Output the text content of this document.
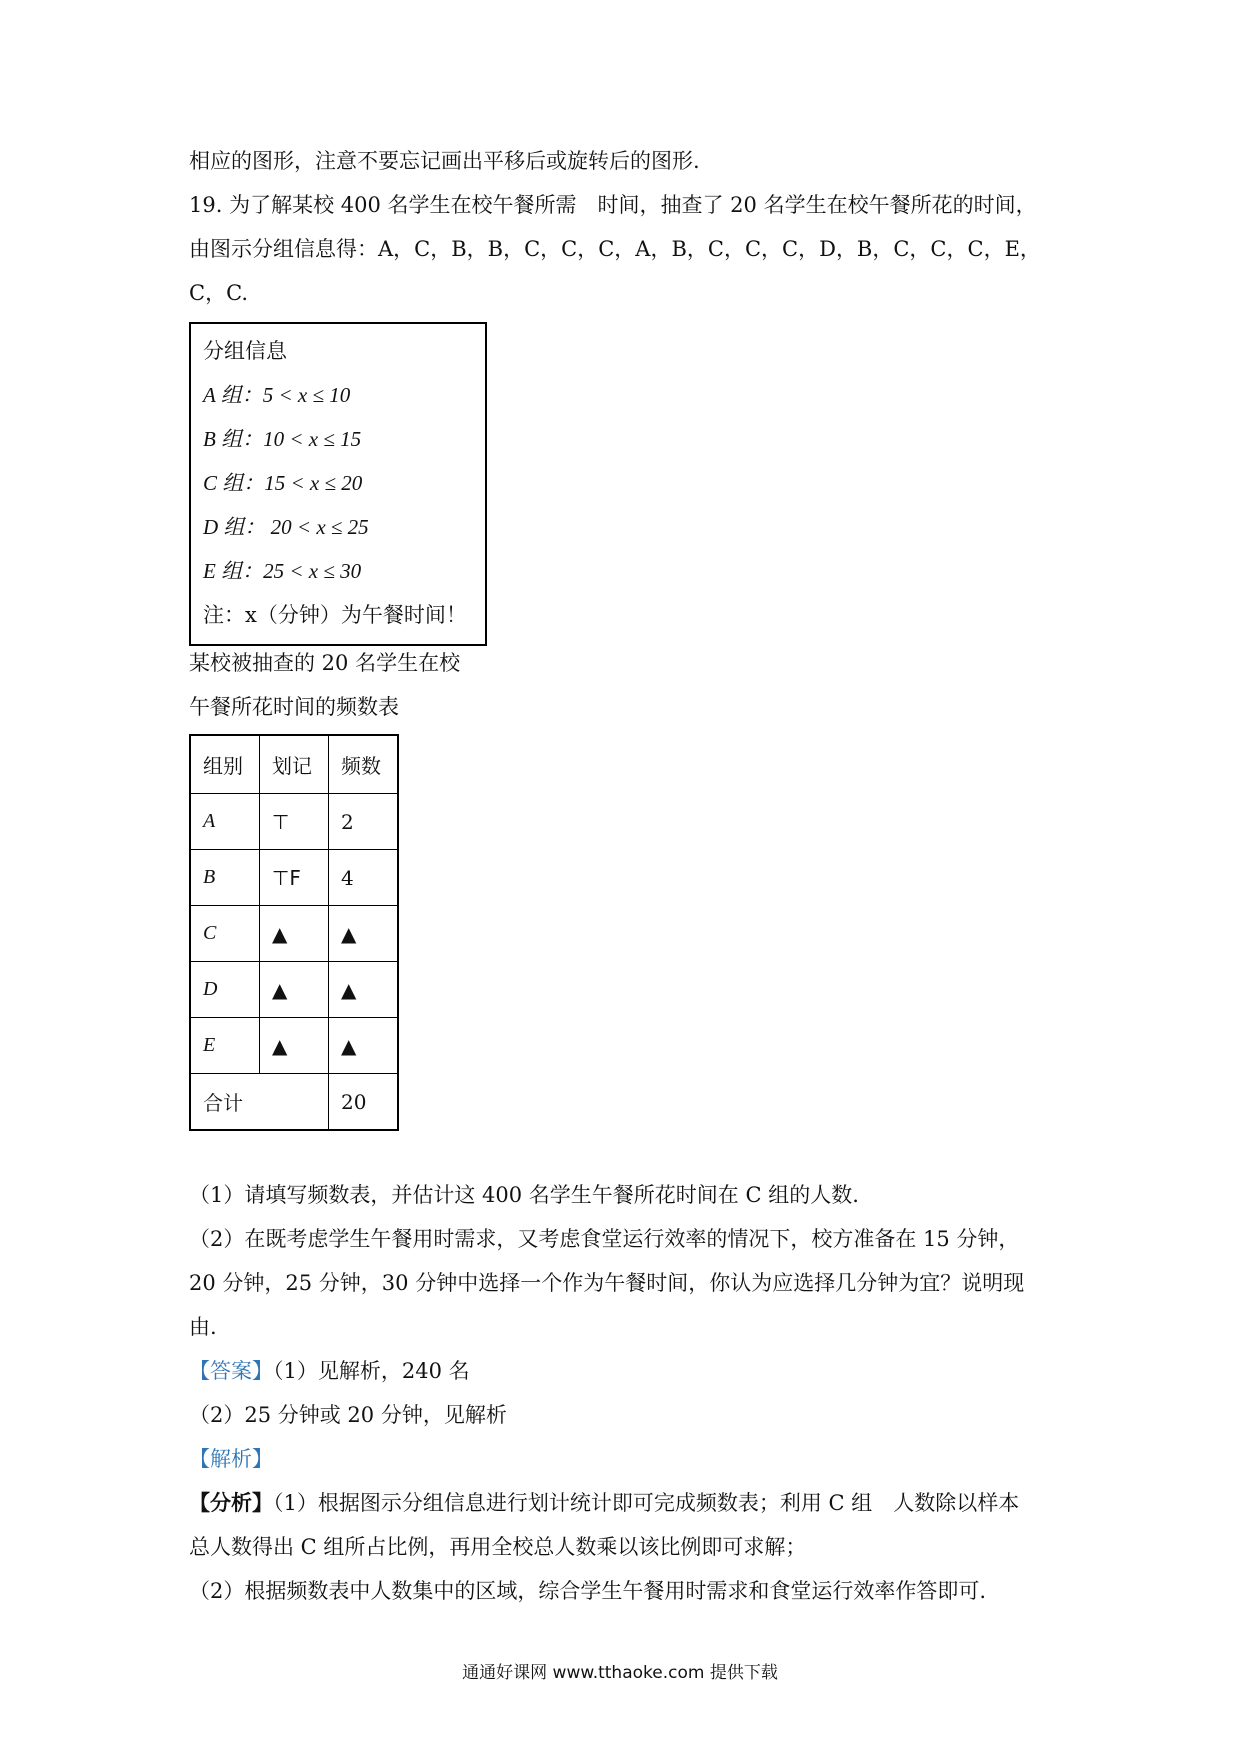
相应的图形，注意不要忘记画出平移后或旋转后的图形.
19. 为了解某校 400 名学生在校午餐所需　时间，抽查了 20 名学生在校午餐所花的时间，
由图示分组信息得：A，C，B，B，C，C，C，A，B，C，C，C，D，B，C，C，C，E，
C，C.
分组信息
A 组：5 < x ≤ 10
B 组：10 < x ≤ 15
C 组：15 < x ≤ 20
D 组： 20 < x ≤ 25
E 组：25 < x ≤ 30
注：x（分钟）为午餐时间！
某校被抽查的 20 名学生在校
午餐所花时间的频数表
组别	划记	频数
A	⊤	2
B	⊤F	4
C	▲	▲
D	▲	▲
E	▲	▲
合计		20
（1）请填写频数表，并估计这 400 名学生午餐所花时间在 C 组的人数.
（2）在既考虑学生午餐用时需求，又考虑食堂运行效率的情况下，校方准备在 15 分钟，
20 分钟，25 分钟，30 分钟中选择一个作为午餐时间，你认为应选择几分钟为宜？说明现
由.
【答案】（1）见解析，240 名
（2）25 分钟或 20 分钟，见解析
【解析】
【分析】（1）根据图示分组信息进行划计统计即可完成频数表；利用 C 组　人数除以样本
总人数得出 C 组所占比例，再用全校总人数乘以该比例即可求解；
（2）根据频数表中人数集中的区域，综合学生午餐用时需求和食堂运行效率作答即可.
通通好课网 www.tthaoke.com 提供下载
